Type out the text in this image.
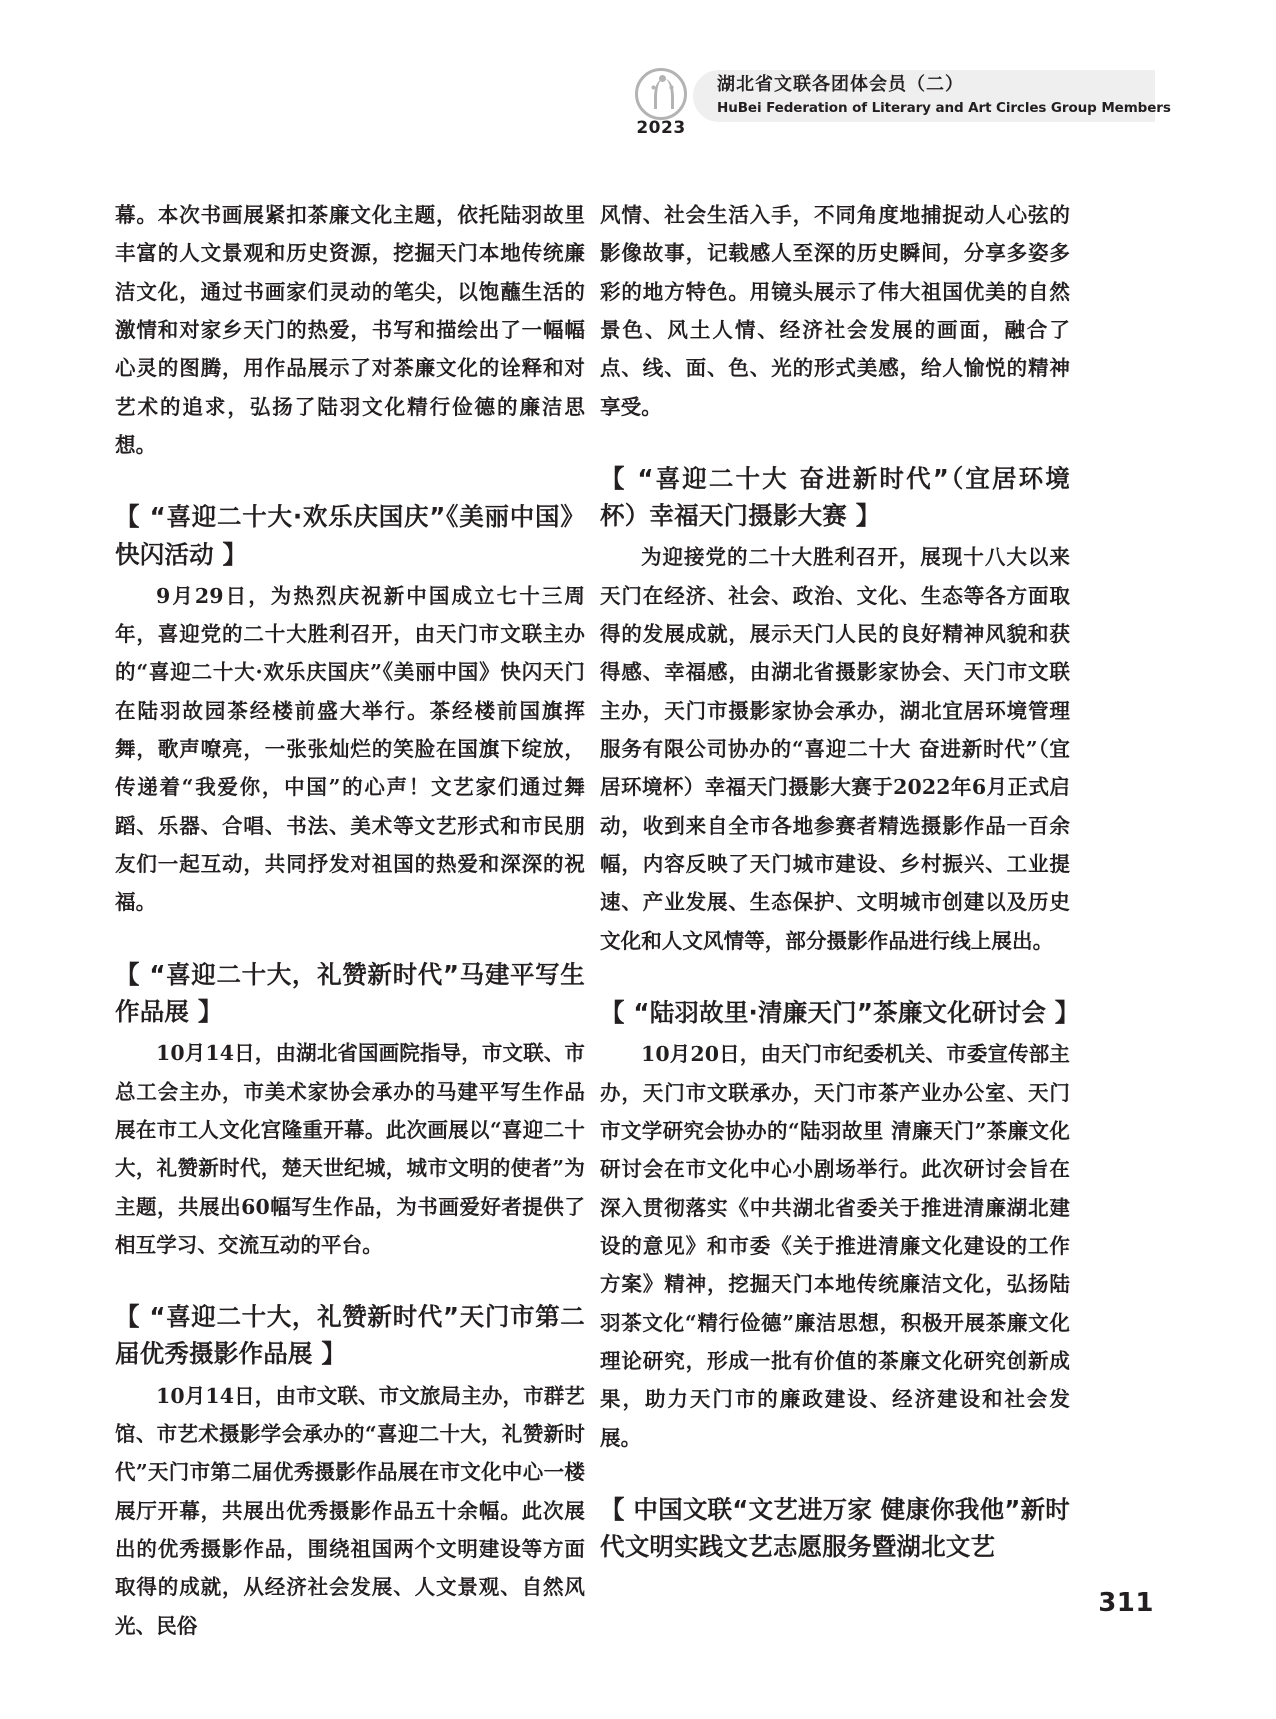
2023
湖北省文联各团体会员（二）
HuBei Federation of Literary and Art Circles Group Members

幕。本次书画展紧扣茶廉文化主题，依托陆羽故里丰富的人文景观和历史资源，挖掘天门本地传统廉洁文化，通过书画家们灵动的笔尖，以饱蘸生活的激情和对家乡天门的热爱，书写和描绘出了一幅幅心灵的图腾，用作品展示了对茶廉文化的诠释和对艺术的追求，弘扬了陆羽文化精行俭德的廉洁思想。

【 “喜迎二十大·欢乐庆国庆”《美丽中国》快闪活动 】

9月29日，为热烈庆祝新中国成立七十三周年，喜迎党的二十大胜利召开，由天门市文联主办的“喜迎二十大·欢乐庆国庆”《美丽中国》快闪天门在陆羽故园茶经楼前盛大举行。茶经楼前国旗挥舞，歌声嘹亮，一张张灿烂的笑脸在国旗下绽放，传递着“我爱你，中国”的心声！文艺家们通过舞蹈、乐器、合唱、书法、美术等文艺形式和市民朋友们一起互动，共同抒发对祖国的热爱和深深的祝福。

【 “喜迎二十大，礼赞新时代”马建平写生作品展 】

10月14日，由湖北省国画院指导，市文联、市总工会主办，市美术家协会承办的马建平写生作品展在市工人文化宫隆重开幕。此次画展以“喜迎二十大，礼赞新时代，楚天世纪城，城市文明的使者”为主题，共展出60幅写生作品，为书画爱好者提供了相互学习、交流互动的平台。

【 “喜迎二十大，礼赞新时代”天门市第二届优秀摄影作品展 】

10月14日，由市文联、市文旅局主办，市群艺馆、市艺术摄影学会承办的“喜迎二十大，礼赞新时代”天门市第二届优秀摄影作品展在市文化中心一楼展厅开幕，共展出优秀摄影作品五十余幅。此次展出的优秀摄影作品，围绕祖国两个文明建设等方面取得的成就，从经济社会发展、人文景观、自然风光、民俗

风情、社会生活入手，不同角度地捕捉动人心弦的影像故事，记载感人至深的历史瞬间，分享多姿多彩的地方特色。用镜头展示了伟大祖国优美的自然景色、风土人情、经济社会发展的画面，融合了点、线、面、色、光的形式美感，给人愉悦的精神享受。

【 “喜迎二十大 奋进新时代”（宜居环境杯）幸福天门摄影大赛 】

为迎接党的二十大胜利召开，展现十八大以来天门在经济、社会、政治、文化、生态等各方面取得的发展成就，展示天门人民的良好精神风貌和获得感、幸福感，由湖北省摄影家协会、天门市文联主办，天门市摄影家协会承办，湖北宜居环境管理服务有限公司协办的“喜迎二十大 奋进新时代”（宜居环境杯）幸福天门摄影大赛于2022年6月正式启动，收到来自全市各地参赛者精选摄影作品一百余幅，内容反映了天门城市建设、乡村振兴、工业提速、产业发展、生态保护、文明城市创建以及历史文化和人文风情等，部分摄影作品进行线上展出。

【 “陆羽故里·清廉天门”茶廉文化研讨会 】

10月20日，由天门市纪委机关、市委宣传部主办，天门市文联承办，天门市茶产业办公室、天门市文学研究会协办的“陆羽故里 清廉天门”茶廉文化研讨会在市文化中心小剧场举行。此次研讨会旨在深入贯彻落实《中共湖北省委关于推进清廉湖北建设的意见》和市委《关于推进清廉文化建设的工作方案》精神，挖掘天门本地传统廉洁文化，弘扬陆羽茶文化“精行俭德”廉洁思想，积极开展茶廉文化理论研究，形成一批有价值的茶廉文化研究创新成果，助力天门市的廉政建设、经济建设和社会发展。

【 中国文联“文艺进万家 健康你我他”新时代文明实践文艺志愿服务暨湖北文艺
311
